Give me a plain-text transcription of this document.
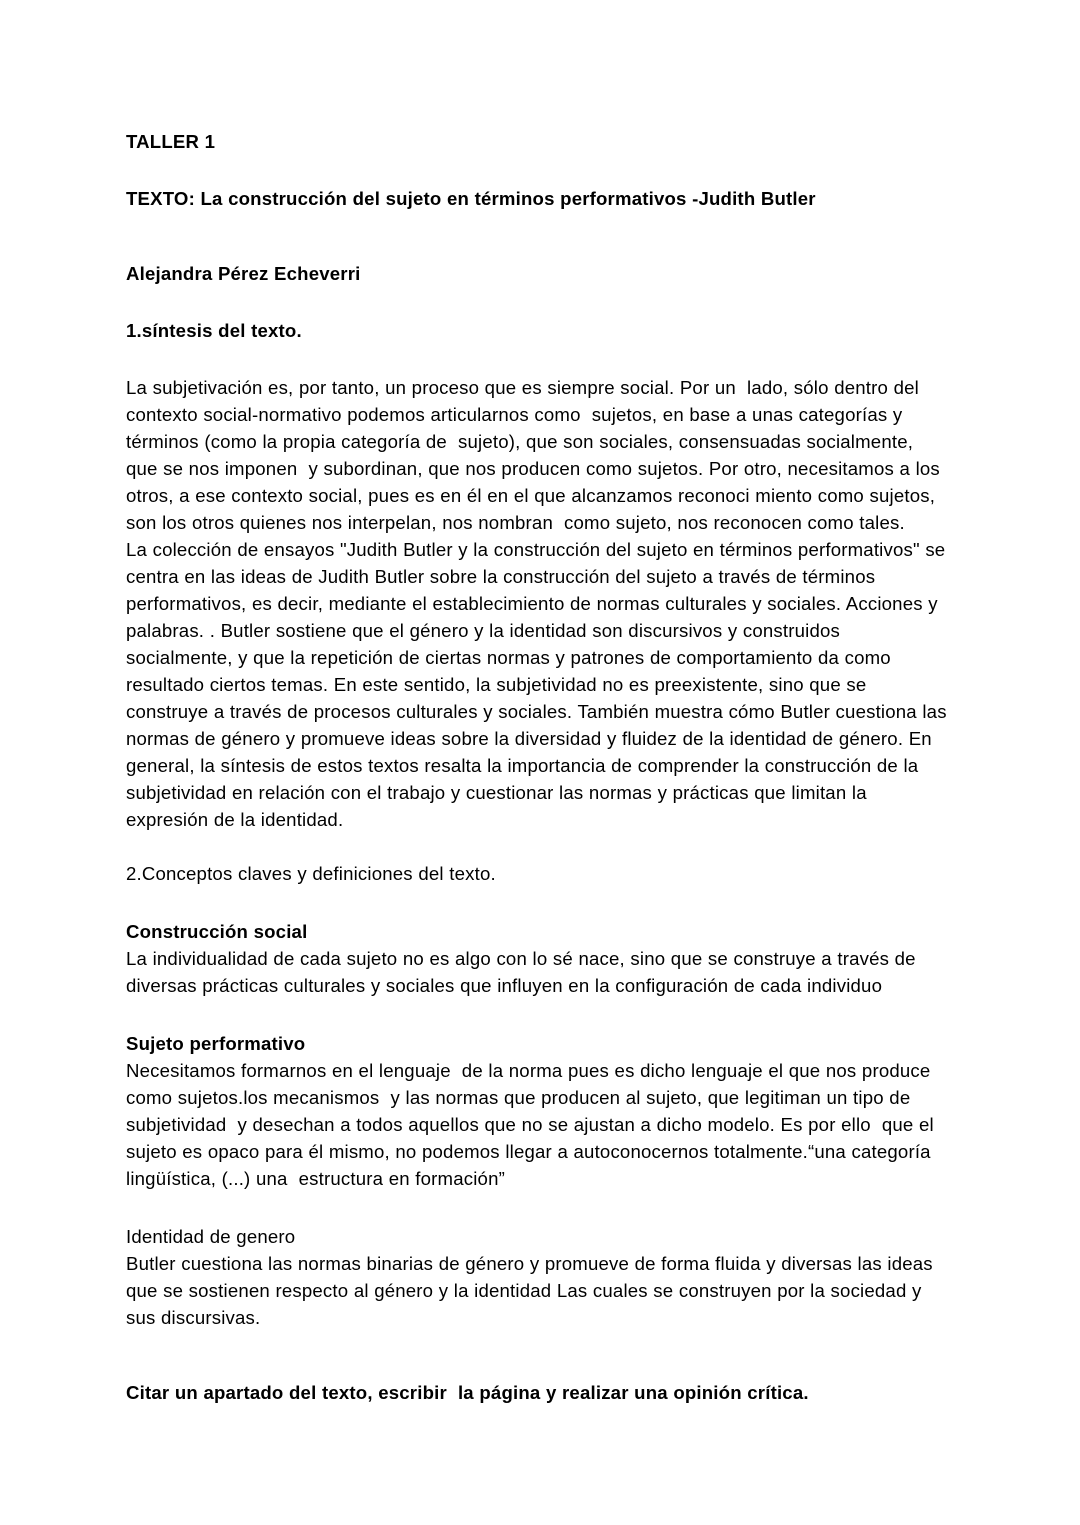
TALLER 1

TEXTO: La construcción del sujeto en términos performativos -Judith Butler

Alejandra Pérez Echeverri

1.síntesis del texto.

La subjetivación es, por tanto, un proceso que es siempre social. Por un  lado, sólo dentro del contexto social-normativo podemos articularnos como  sujetos, en base a unas categorías y términos (como la propia categoría de  sujeto), que son sociales, consensuadas socialmente, que se nos imponen  y subordinan, que nos producen como sujetos. Por otro, necesitamos a los  otros, a ese contexto social, pues es en él en el que alcanzamos reconoci miento como sujetos, son los otros quienes nos interpelan, nos nombran  como sujeto, nos reconocen como tales.

La colección de ensayos "Judith Butler y la construcción del sujeto en términos performativos" se centra en las ideas de Judith Butler sobre la construcción del sujeto a través de términos performativos, es decir, mediante el establecimiento de normas culturales y sociales. Acciones y palabras. . Butler sostiene que el género y la identidad son discursivos y construidos socialmente, y que la repetición de ciertas normas y patrones de comportamiento da como resultado ciertos temas. En este sentido, la subjetividad no es preexistente, sino que se construye a través de procesos culturales y sociales. También muestra cómo Butler cuestiona las normas de género y promueve ideas sobre la diversidad y fluidez de la identidad de género. En general, la síntesis de estos textos resalta la importancia de comprender la construcción de la subjetividad en relación con el trabajo y cuestionar las normas y prácticas que limitan la expresión de la identidad.

2.Conceptos claves y definiciones del texto.

Construcción social

La individualidad de cada sujeto no es algo con lo sé nace, sino que se construye a través de diversas prácticas culturales y sociales que influyen en la configuración de cada individuo

Sujeto performativo

Necesitamos formarnos en el lenguaje  de la norma pues es dicho lenguaje el que nos produce como sujetos.los mecanismos  y las normas que producen al sujeto, que legitiman un tipo de subjetividad  y desechan a todos aquellos que no se ajustan a dicho modelo. Es por ello  que el sujeto es opaco para él mismo, no podemos llegar a autoconocernos totalmente.“una categoría lingüística, (...) una  estructura en formación”

Identidad de genero

Butler cuestiona las normas binarias de género y promueve de forma fluida y diversas las ideas que se sostienen respecto al género y la identidad Las cuales se construyen por la sociedad y sus discursivas.

Citar un apartado del texto, escribir  la página y realizar una opinión crítica.
